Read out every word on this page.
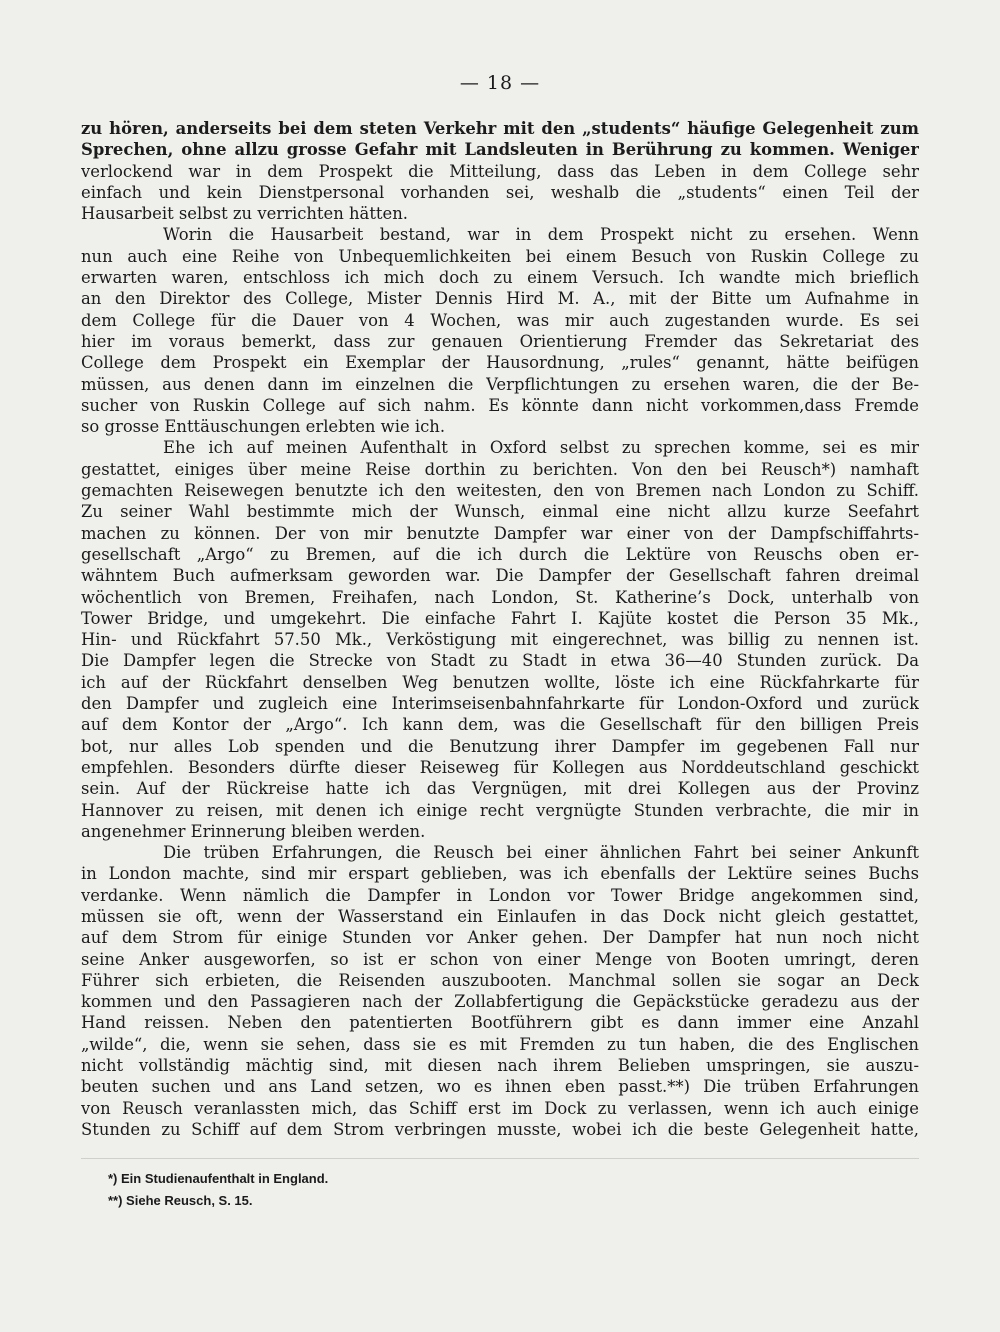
— 18 —
zu hören, anderseits bei dem steten Verkehr mit den „students“ häufige Gelegenheit zum
Sprechen, ohne allzu grosse Gefahr mit Landsleuten in Berührung zu kommen. Weniger
verlockend war in dem Prospekt die Mitteilung, dass das Leben in dem College sehr
einfach und kein Dienstpersonal vorhanden sei, weshalb die „students“ einen Teil der
Hausarbeit selbst zu verrichten hätten.
Worin die Hausarbeit bestand, war in dem Prospekt nicht zu ersehen. Wenn
nun auch eine Reihe von Unbequemlichkeiten bei einem Besuch von Ruskin College zu
erwarten waren, entschloss ich mich doch zu einem Versuch. Ich wandte mich brieflich
an den Direktor des College, Mister Dennis Hird M. A., mit der Bitte um Aufnahme in
dem College für die Dauer von 4 Wochen, was mir auch zugestanden wurde. Es sei
hier im voraus bemerkt, dass zur genauen Orientierung Fremder das Sekretariat des
College dem Prospekt ein Exemplar der Hausordnung, „rules“ genannt, hätte beifügen
müssen, aus denen dann im einzelnen die Verpflichtungen zu ersehen waren, die der Be-
sucher von Ruskin College auf sich nahm. Es könnte dann nicht vorkommen,dass Fremde
so grosse Enttäuschungen erlebten wie ich.
Ehe ich auf meinen Aufenthalt in Oxford selbst zu sprechen komme, sei es mir
gestattet, einiges über meine Reise dorthin zu berichten. Von den bei Reusch*) namhaft
gemachten Reisewegen benutzte ich den weitesten, den von Bremen nach London zu Schiff.
Zu seiner Wahl bestimmte mich der Wunsch, einmal eine nicht allzu kurze Seefahrt
machen zu können. Der von mir benutzte Dampfer war einer von der Dampfschiffahrts-
gesellschaft „Argo“ zu Bremen, auf die ich durch die Lektüre von Reuschs oben er-
wähntem Buch aufmerksam geworden war. Die Dampfer der Gesellschaft fahren dreimal
wöchentlich von Bremen, Freihafen, nach London, St. Katherine’s Dock, unterhalb von
Tower Bridge, und umgekehrt. Die einfache Fahrt I. Kajüte kostet die Person 35 Mk.,
Hin- und Rückfahrt 57.50 Mk., Verköstigung mit eingerechnet, was billig zu nennen ist.
Die Dampfer legen die Strecke von Stadt zu Stadt in etwa 36—40 Stunden zurück. Da
ich auf der Rückfahrt denselben Weg benutzen wollte, löste ich eine Rückfahrkarte für
den Dampfer und zugleich eine Interimseisenbahnfahrkarte für London-Oxford und zurück
auf dem Kontor der „Argo“. Ich kann dem, was die Gesellschaft für den billigen Preis
bot, nur alles Lob spenden und die Benutzung ihrer Dampfer im gegebenen Fall nur
empfehlen. Besonders dürfte dieser Reiseweg für Kollegen aus Norddeutschland geschickt
sein. Auf der Rückreise hatte ich das Vergnügen, mit drei Kollegen aus der Provinz
Hannover zu reisen, mit denen ich einige recht vergnügte Stunden verbrachte, die mir in
angenehmer Erinnerung bleiben werden.
Die trüben Erfahrungen, die Reusch bei einer ähnlichen Fahrt bei seiner Ankunft
in London machte, sind mir erspart geblieben, was ich ebenfalls der Lektüre seines Buchs
verdanke. Wenn nämlich die Dampfer in London vor Tower Bridge angekommen sind,
müssen sie oft, wenn der Wasserstand ein Einlaufen in das Dock nicht gleich gestattet,
auf dem Strom für einige Stunden vor Anker gehen. Der Dampfer hat nun noch nicht
seine Anker ausgeworfen, so ist er schon von einer Menge von Booten umringt, deren
Führer sich erbieten, die Reisenden auszubooten. Manchmal sollen sie sogar an Deck
kommen und den Passagieren nach der Zollabfertigung die Gepäckstücke geradezu aus der
Hand reissen. Neben den patentierten Bootführern gibt es dann immer eine Anzahl
„wilde“, die, wenn sie sehen, dass sie es mit Fremden zu tun haben, die des Englischen
nicht vollständig mächtig sind, mit diesen nach ihrem Belieben umspringen, sie auszu-
beuten suchen und ans Land setzen, wo es ihnen eben passt.**) Die trüben Erfahrungen
von Reusch veranlassten mich, das Schiff erst im Dock zu verlassen, wenn ich auch einige
Stunden zu Schiff auf dem Strom verbringen musste, wobei ich die beste Gelegenheit hatte,
*) Ein Studienaufenthalt in England.
**) Siehe Reusch, S. 15.
